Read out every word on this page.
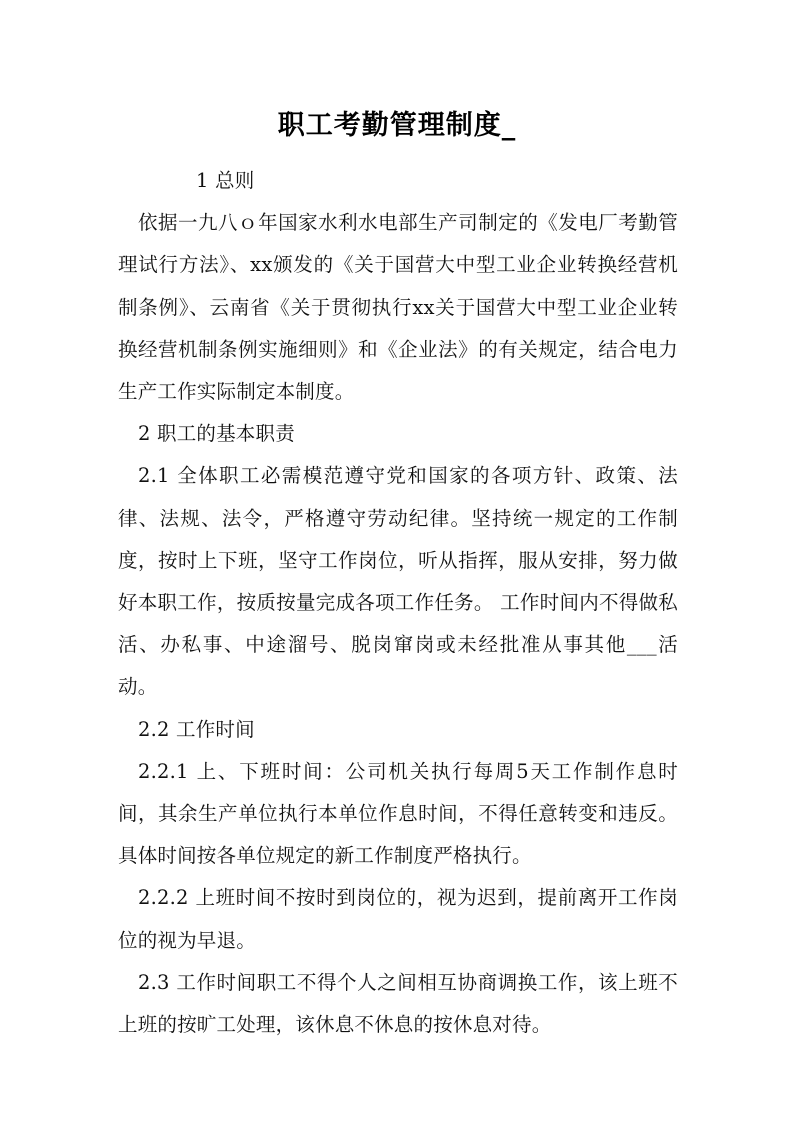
职工考勤管理制度_

1 总则

依据一九八ｏ年国家水利水电部生产司制定的《发电厂考勤管理试行方法》、xx颁发的《关于国营大中型工业企业转换经营机制条例》、云南省《关于贯彻执行xx关于国营大中型工业企业转换经营机制条例实施细则》和《企业法》的有关规定，结合电力生产工作实际制定本制度。

2 职工的基本职责

2.1 全体职工必需模范遵守党和国家的各项方针、政策、法律、法规、法令，严格遵守劳动纪律。坚持统一规定的工作制度，按时上下班，坚守工作岗位，听从指挥，服从安排，努力做好本职工作，按质按量完成各项工作任务。 工作时间内不得做私活、办私事、中途溜号、脱岗窜岗或未经批准从事其他___活动。

2.2 工作时间

2.2.1 上、下班时间：公司机关执行每周5天工作制作息时间，其余生产单位执行本单位作息时间，不得任意转变和违反。具体时间按各单位规定的新工作制度严格执行。

2.2.2 上班时间不按时到岗位的，视为迟到，提前离开工作岗位的视为早退。

2.3 工作时间职工不得个人之间相互协商调换工作，该上班不上班的按旷工处理，该休息不休息的按休息对待。
